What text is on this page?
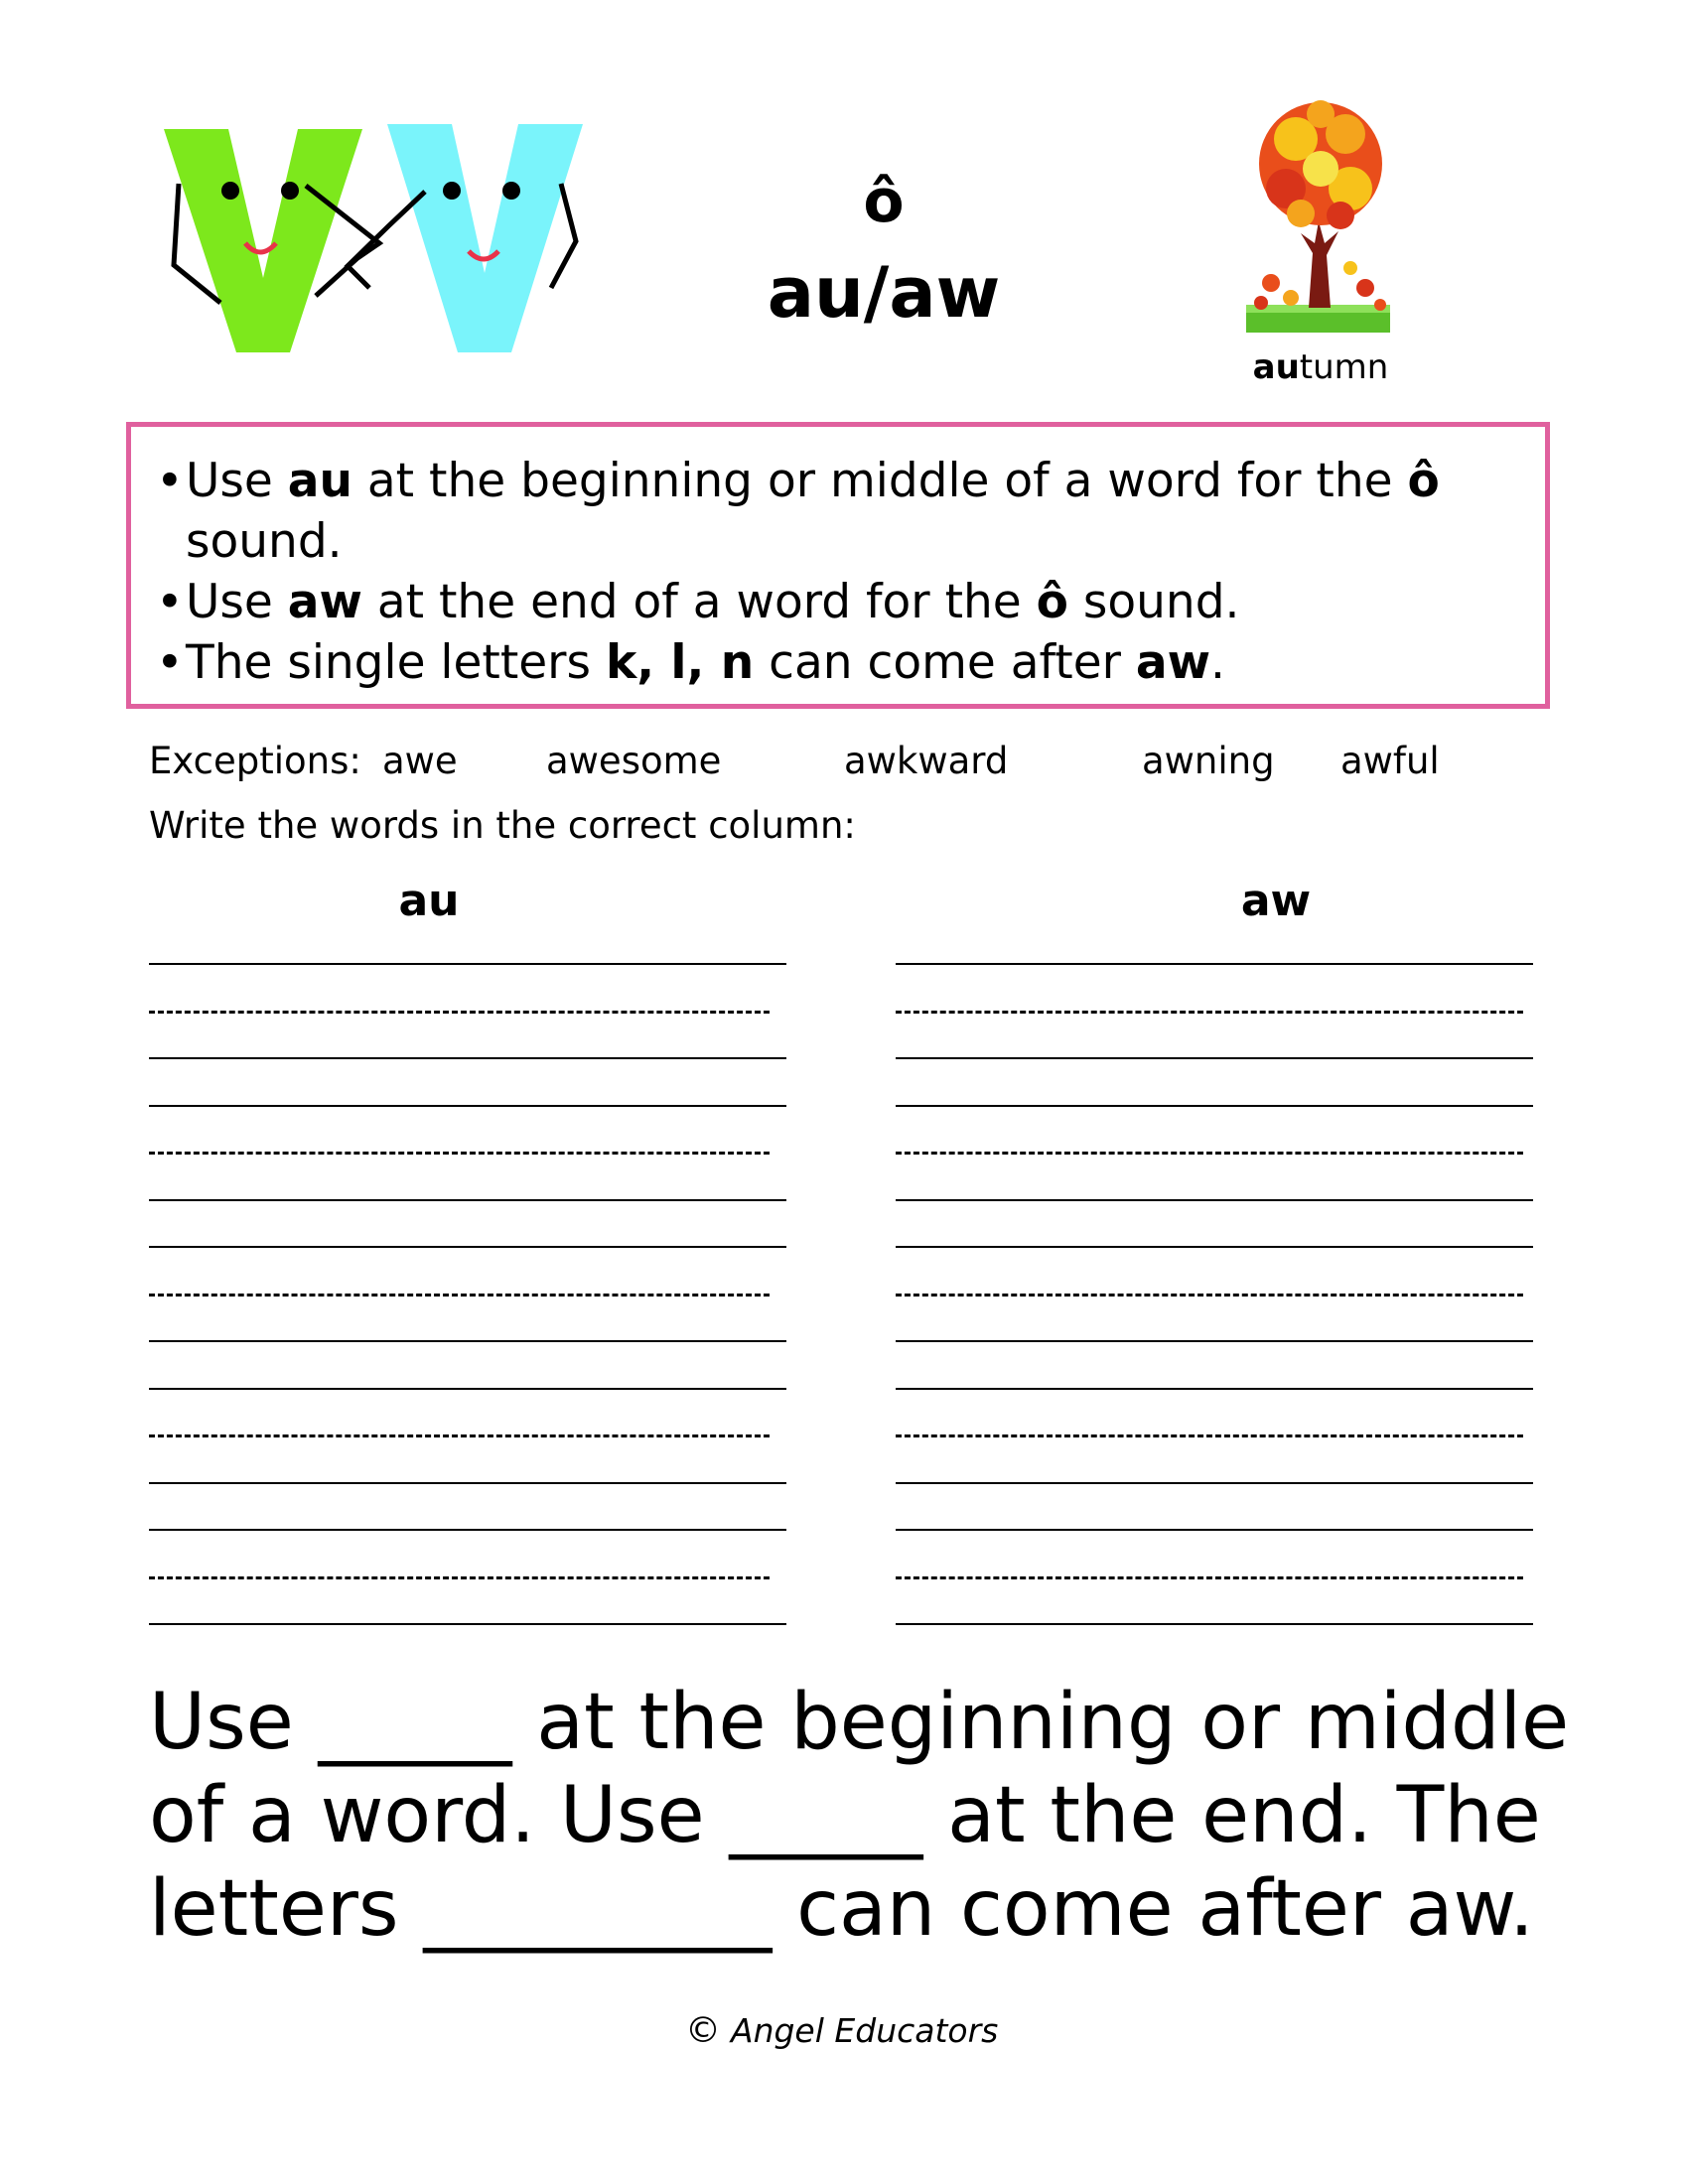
ô
au/aw
autumn
• Use au at the beginning or middle of a word for the ô sound.
• Use aw at the end of a word for the ô sound.
• The single letters k, l, n can come after aw.
Exceptions: awe awesome	awkward	awning awful
Write the words in the correct column:
au	aw

Use _____ at the beginning or middle

of a word. Use _____ at the end. The

letters _________ can come after aw.

© Angel Educators
